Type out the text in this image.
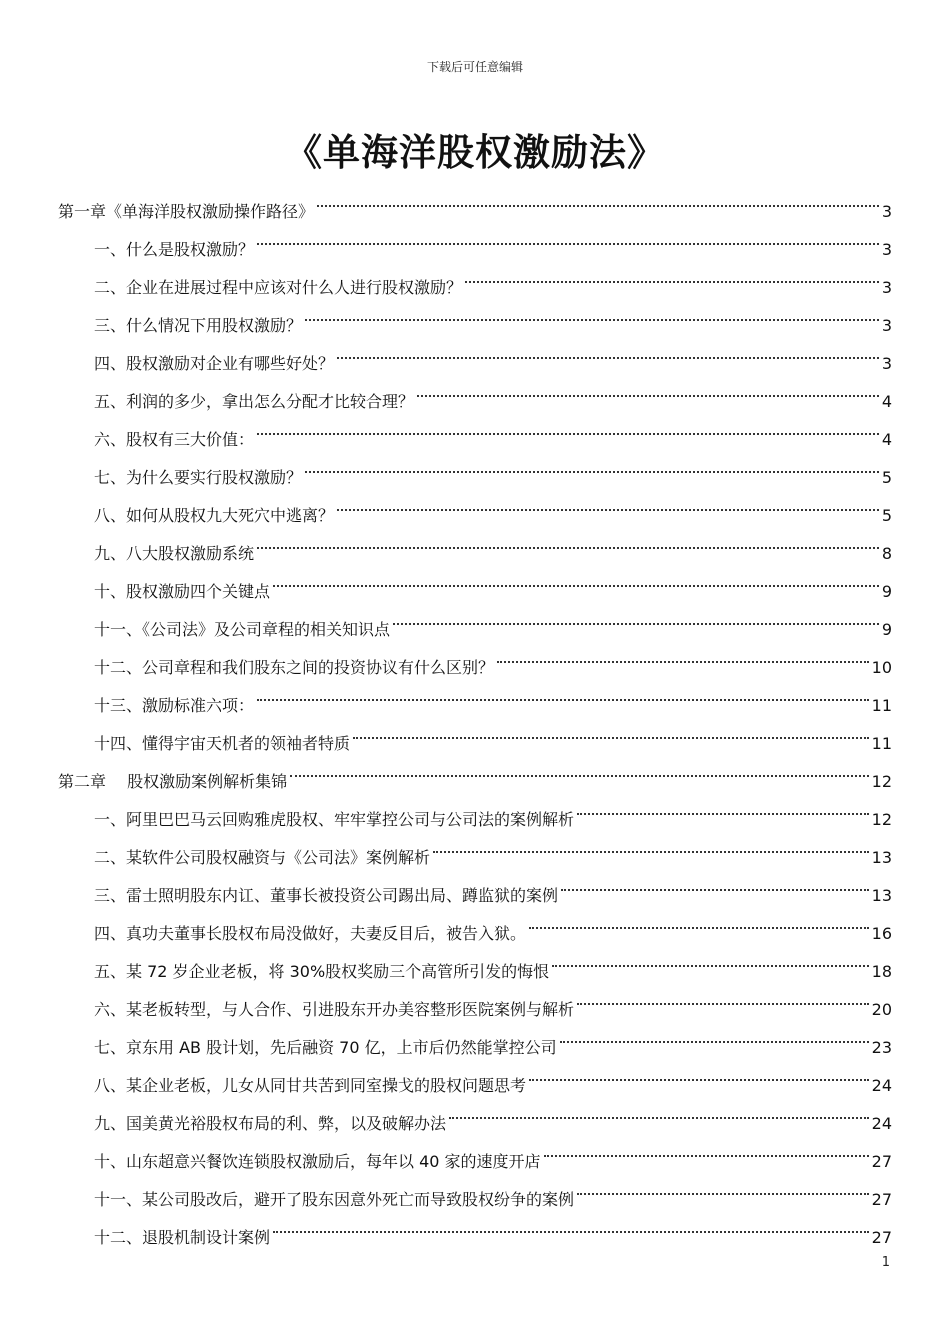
下载后可任意编辑
《单海洋股权激励法》
第一章《单海洋股权激励操作路径》	3
一、什么是股权激励？	3
二、企业在进展过程中应该对什么人进行股权激励？	3
三、什么情况下用股权激励？	3
四、股权激励对企业有哪些好处？	3
五、利润的多少，拿出怎么分配才比较合理？	4
六、股权有三大价值：	4
七、为什么要实行股权激励？	5
八、如何从股权九大死穴中逃离？	5
九、八大股权激励系统	8
十、股权激励四个关键点	9
十一、《公司法》及公司章程的相关知识点	9
十二、公司章程和我们股东之间的投资协议有什么区别？	10
十三、激励标准六项：	11
十四、懂得宇宙天机者的领袖者特质	11
第二章　 股权激励案例解析集锦	12
一、阿里巴巴马云回购雅虎股权、牢牢掌控公司与公司法的案例解析	12
二、某软件公司股权融资与《公司法》案例解析	13
三、雷士照明股东内讧、董事长被投资公司踢出局、蹲监狱的案例	13
四、真功夫董事长股权布局没做好，夫妻反目后，被告入狱。	16
五、某 72 岁企业老板，将 30%股权奖励三个高管所引发的悔恨	18
六、某老板转型，与人合作、引进股东开办美容整形医院案例与解析	20
七、京东用 AB 股计划，先后融资 70 亿，上市后仍然能掌控公司	23
八、某企业老板，儿女从同甘共苦到同室操戈的股权问题思考	24
九、国美黄光裕股权布局的利、弊，以及破解办法	24
十、山东超意兴餐饮连锁股权激励后，每年以 40 家的速度开店	27
十一、某公司股改后，避开了股东因意外死亡而导致股权纷争的案例	27
十二、退股机制设计案例	27
1
